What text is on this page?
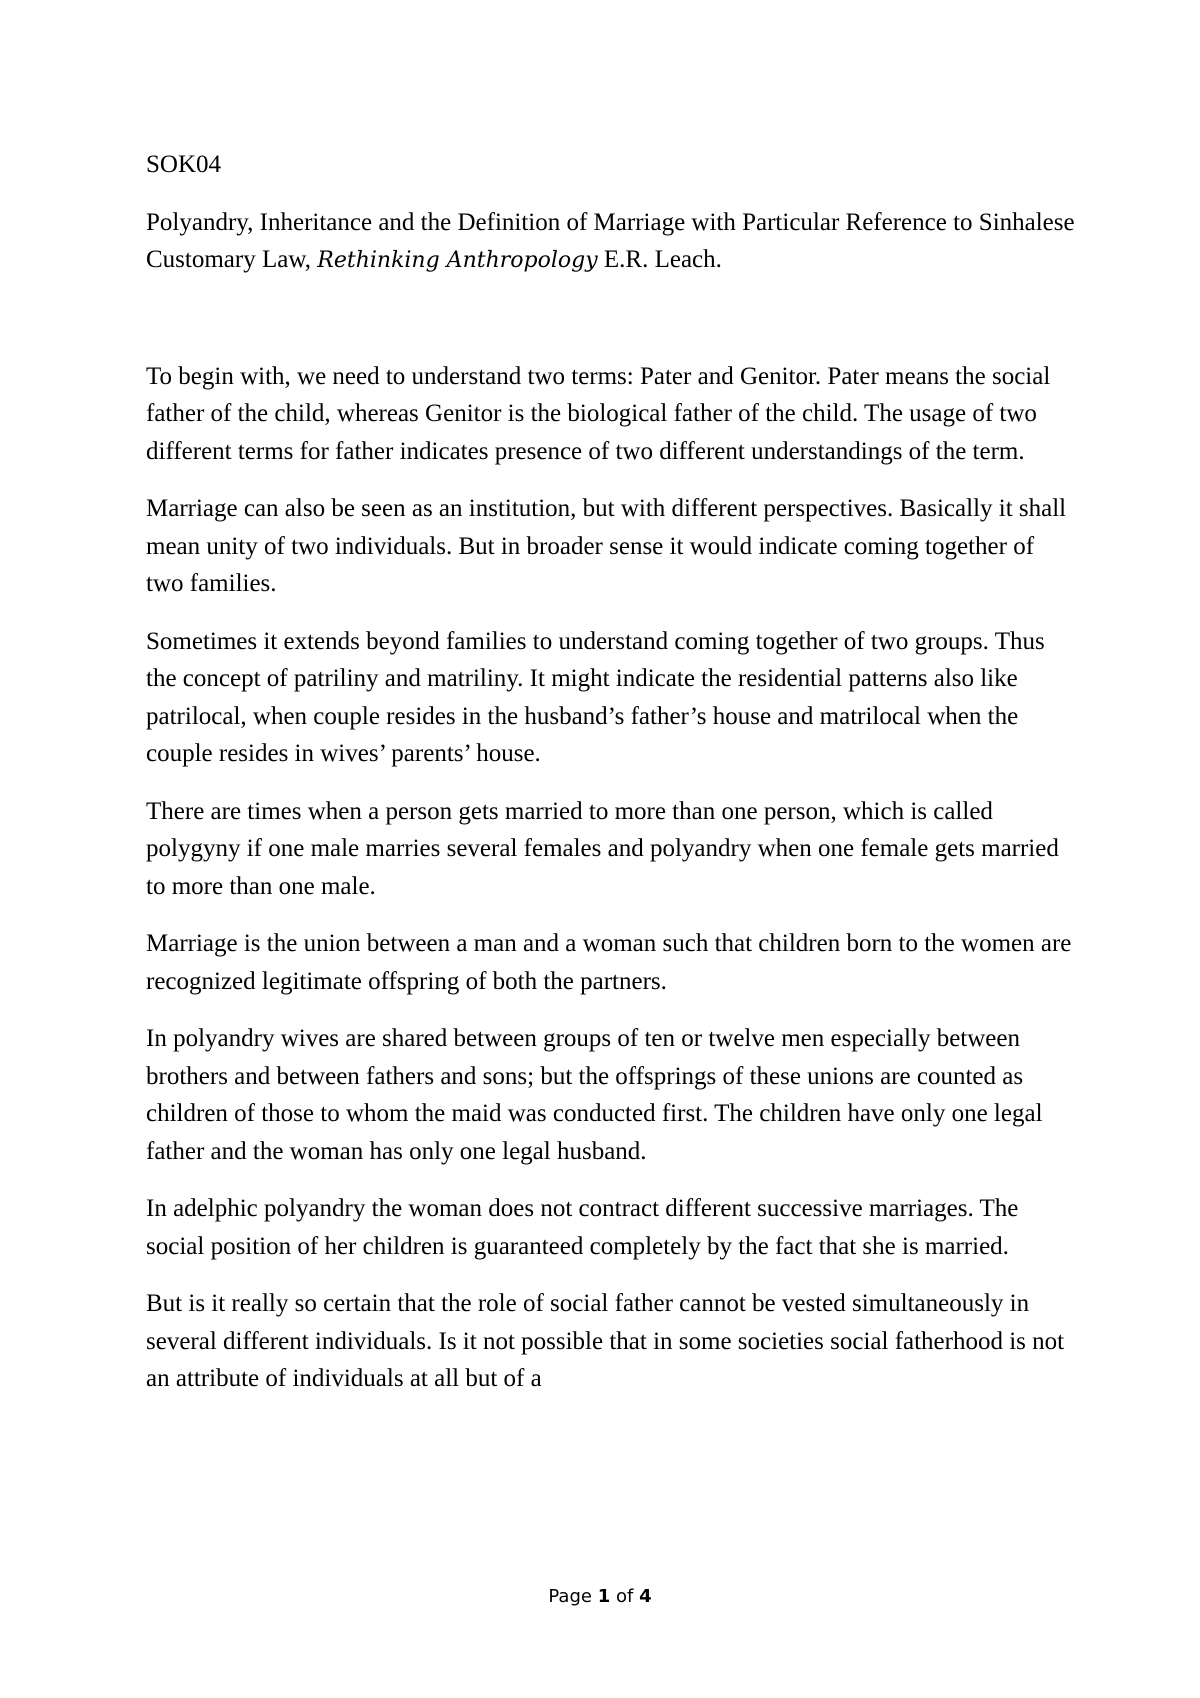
SOK04

Polyandry, Inheritance and the Definition of Marriage with Particular Reference to Sinhalese Customary Law, Rethinking Anthropology E.R. Leach.

To begin with, we need to understand two terms: Pater and Genitor. Pater means the social father of the child, whereas Genitor is the biological father of the child. The usage of two different terms for father indicates presence of two different understandings of the term.

Marriage can also be seen as an institution, but with different perspectives. Basically it shall mean unity of two individuals. But in broader sense it would indicate coming together of two families.

Sometimes it extends beyond families to understand coming together of two groups. Thus the concept of patriliny and matriliny. It might indicate the residential patterns also like patrilocal, when couple resides in the husband’s father’s house and matrilocal when the couple resides in wives’ parents’ house.

There are times when a person gets married to more than one person, which is called polygyny if one male marries several females and polyandry when one female gets married to more than one male.

Marriage is the union between a man and a woman such that children born to the women are recognized legitimate offspring of both the partners.

In polyandry wives are shared between groups of ten or twelve men especially between brothers and between fathers and sons; but the offsprings of these unions are counted as children of those to whom the maid was conducted first. The children have only one legal father and the woman has only one legal husband.

In adelphic polyandry the woman does not contract different successive marriages. The social position of her children is guaranteed completely by the fact that she is married.

But is it really so certain that the role of social father cannot be vested simultaneously in several different individuals. Is it not possible that in some societies social fatherhood is not an attribute of individuals at all but of a

Page 1 of 4
